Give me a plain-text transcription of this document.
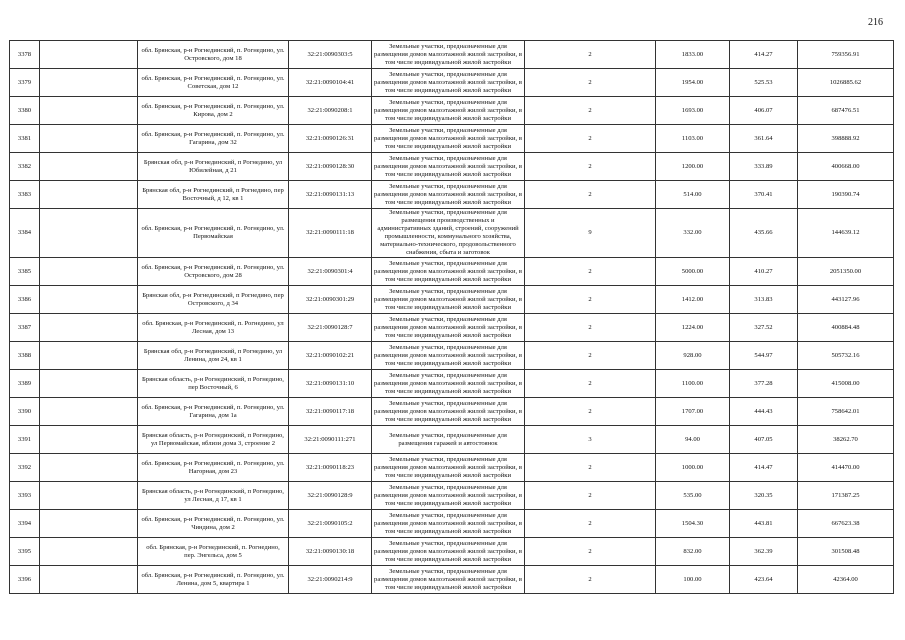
216
3378		обл. Брянская, р-н Рогнединский, п. Рогнедино, ул. Островского, дом 18	32:21:0090303:5	Земельные участки, предназначенные для размещения домов малоэтажной жилой застройки, в том числе индивидуальной жилой застройки	2	1833.00	414.27	759356.91
3379		обл. Брянская, р-н Рогнединский, п. Рогнедино, ул. Советская, дом 12	32:21:0090104:41	Земельные участки, предназначенные для размещения домов малоэтажной жилой застройки, в том числе индивидуальной жилой застройки	2	1954.00	525.53	1026885.62
3380		обл. Брянская, р-н Рогнединский, п. Рогнедино, ул. Кирова, дом 2	32:21:0090208:1	Земельные участки, предназначенные для размещения домов малоэтажной жилой застройки, в том числе индивидуальной жилой застройки	2	1693.00	406.07	687476.51
3381		обл. Брянская, р-н Рогнединский, п. Рогнедино, ул. Гагарина, дом 32	32:21:0090126:31	Земельные участки, предназначенные для размещения домов малоэтажной жилой застройки, в том числе индивидуальной жилой застройки	2	1103.00	361.64	398888.92
3382		Брянская обл, р-н Рогнединский, п Рогнедино, ул Юбилейная, д 21	32:21:0090128:30	Земельные участки, предназначенные для размещения домов малоэтажной жилой застройки, в том числе индивидуальной жилой застройки	2	1200.00	333.89	400668.00
3383		Брянская обл, р-н Рогнединский, п Рогнедино, пер Восточный, д 12, кв 1	32:21:0090131:13	Земельные участки, предназначенные для размещения домов малоэтажной жилой застройки, в том числе индивидуальной жилой застройки	2	514.00	370.41	190390.74
3384		обл. Брянская, р-н Рогнединский, п. Рогнедино, ул. Первомайская	32:21:0090111:18	Земельные участки, предназначенные для размещения производственных и административных зданий, строений, сооружений промышленности, коммунального хозяйства, материально-технического, продовольственного снабжения, сбыта и заготовок	9	332.00	435.66	144639.12
3385		обл. Брянская, р-н Рогнединский, п. Рогнедино, ул. Островского, дом 28	32:21:0090301:4	Земельные участки, предназначенные для размещения домов малоэтажной жилой застройки, в том числе индивидуальной жилой застройки	2	5000.00	410.27	2051350.00
3386		Брянская обл, р-н Рогнединский, п Рогнедино, пер Островского, д 34	32:21:0090301:29	Земельные участки, предназначенные для размещения домов малоэтажной жилой застройки, в том числе индивидуальной жилой застройки	2	1412.00	313.83	443127.96
3387		обл. Брянская, р-н Рогнединский, п. Рогнедино, ул Лесная, дом 13	32:21:0090128:7	Земельные участки, предназначенные для размещения домов малоэтажной жилой застройки, в том числе индивидуальной жилой застройки	2	1224.00	327.52	400884.48
3388		Брянская обл, р-н Рогнединский, п Рогнедино, ул Ленина, дом 24, кв 1	32:21:0090102:21	Земельные участки, предназначенные для размещения домов малоэтажной жилой застройки, в том числе индивидуальной жилой застройки	2	928.00	544.97	505732.16
3389		Брянская область, р-н Рогнединский, п Рогнедино, пер Восточный, 6	32:21:0090131:10	Земельные участки, предназначенные для размещения домов малоэтажной жилой застройки, в том числе индивидуальной жилой застройки	2	1100.00	377.28	415008.00
3390		обл. Брянская, р-н Рогнединский, п. Рогнедино, ул. Гагарина, дом 1а	32:21:0090117:18	Земельные участки, предназначенные для размещения домов малоэтажной жилой застройки, в том числе индивидуальной жилой застройки	2	1707.00	444.43	758642.01
3391		Брянская область, р-н Рогнединский, п Рогнедино, ул Первомайская, вблизи дома 3, строение 2	32:21:0090111:271	Земельные участки, предназначенные для размещения гаражей и автостоянок	3	94.00	407.05	38262.70
3392		обл. Брянская, р-н Рогнединский, п. Рогнедино, ул. Нагорная, дом 23	32:21:0090118:23	Земельные участки, предназначенные для размещения домов малоэтажной жилой застройки, в том числе индивидуальной жилой застройки	2	1000.00	414.47	414470.00
3393		Брянская область, р-н Рогнединский, п Рогнедино, ул Лесная, д 17, кв 1	32:21:0090128:9	Земельные участки, предназначенные для размещения домов малоэтажной жилой застройки, в том числе индивидуальной жилой застройки	2	535.00	320.35	171387.25
3394		обл. Брянская, р-н Рогнединский, п. Рогнедино, ул. Чиндина, дом 2	32:21:0090105:2	Земельные участки, предназначенные для размещения домов малоэтажной жилой застройки, в том числе индивидуальной жилой застройки	2	1504.30	443.81	667623.38
3395		обл. Брянская, р-н Рогнединский, п. Рогнедино, пер. Энгельса, дом 5	32:21:0090130:18	Земельные участки, предназначенные для размещения домов малоэтажной жилой застройки, в том числе индивидуальной жилой застройки	2	832.00	362.39	301508.48
3396		обл. Брянская, р-н Рогнединский, п. Рогнедино, ул. Ленина, дом 5, квартира 1	32:21:0090214:9	Земельные участки, предназначенные для размещения домов малоэтажной жилой застройки, в том числе индивидуальной жилой застройки	2	100.00	423.64	42364.00
